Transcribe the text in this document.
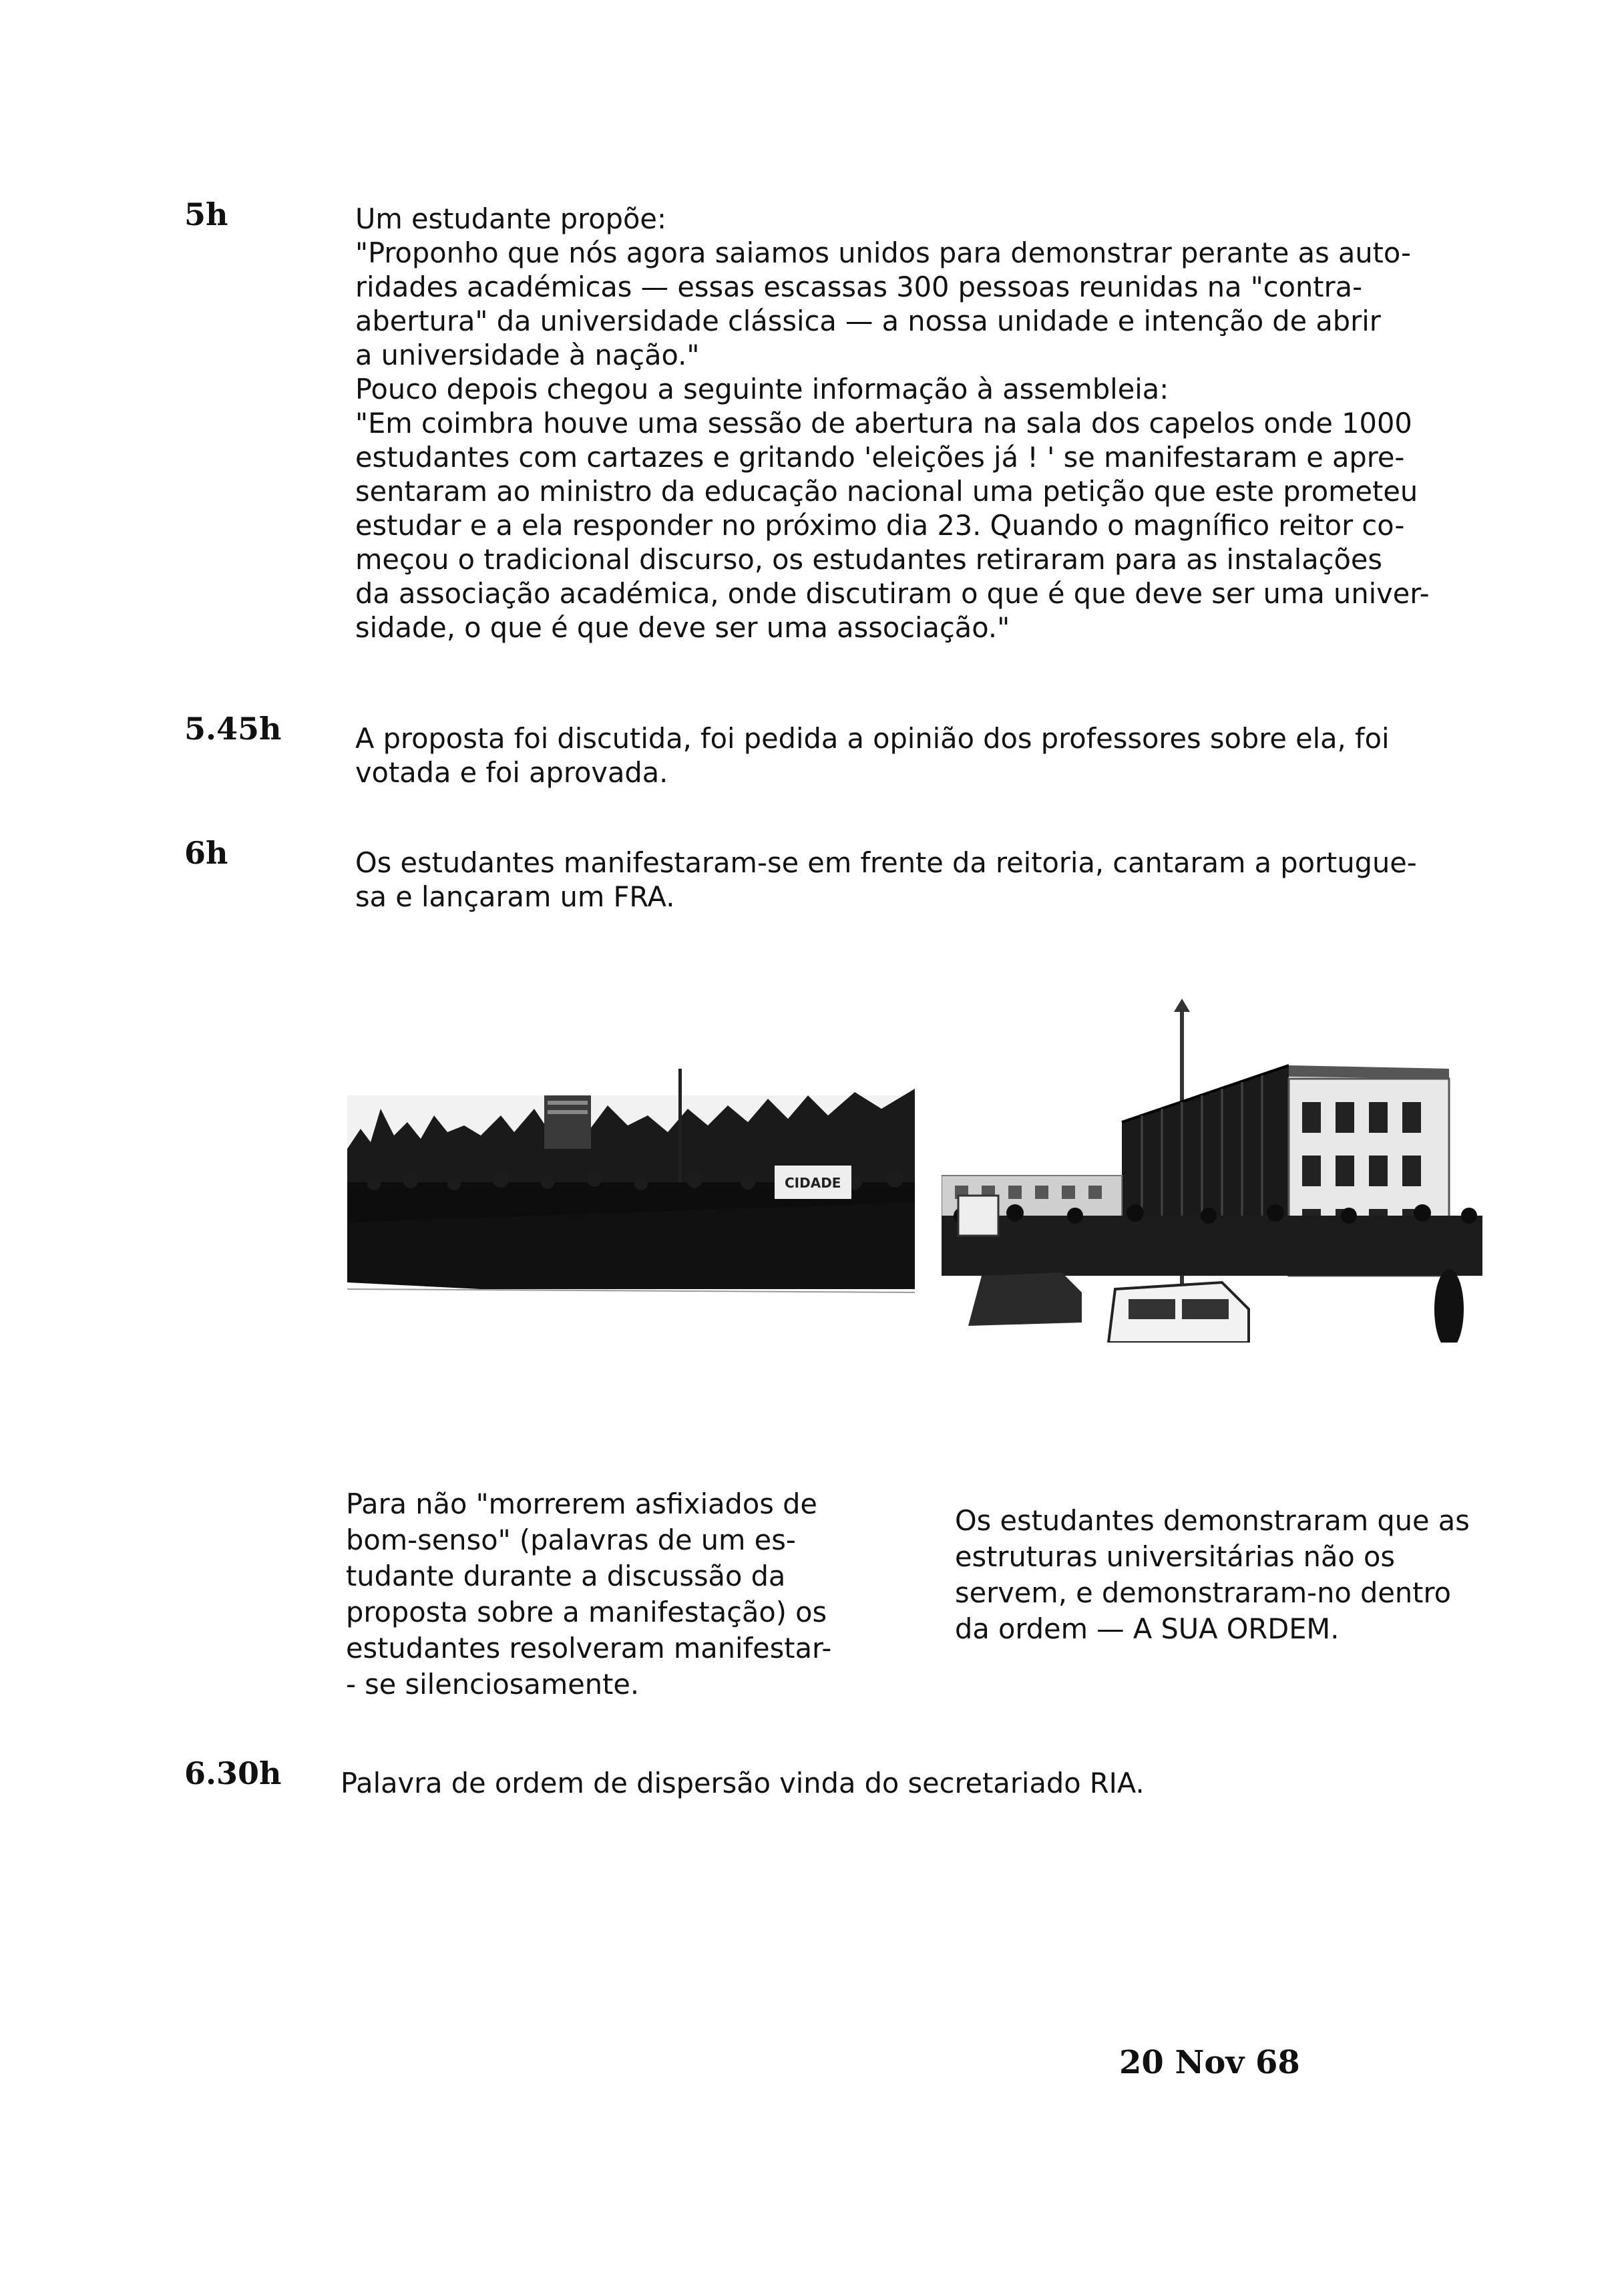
5h	Um estudante propõe:
"Proponho que nós agora saiamos unidos para demonstrar perante as auto-
ridades académicas — essas escassas 300 pessoas reunidas na "contra-
abertura" da universidade clássica — a nossa unidade e intenção de abrir
a universidade à nação."
Pouco depois chegou a seguinte informação à assembleia:
"Em coimbra houve uma sessão de abertura na sala dos capelos onde 1000
estudantes com cartazes e gritando 'eleições já ! ' se manifestaram e apre-
sentaram ao ministro da educação nacional uma petição que este prometeu
estudar e a ela responder no próximo dia 23. Quando o magnífico reitor co-
meçou o tradicional discurso, os estudantes retiraram para as instalações
da associação académica, onde discutiram o que é que deve ser uma univer-
sidade, o que é que deve ser uma associação."

5.45h	A proposta foi discutida, foi pedida a opinião dos professores sobre ela, foi
votada e foi aprovada.

6h	Os estudantes manifestaram-se em frente da reitoria, cantaram a portugue-
sa e lançaram um FRA.

CIDADE

Para não "morrerem asfixiados de
bom-senso" (palavras de um es-
tudante durante a discussão da
proposta sobre a manifestação) os
estudantes resolveram manifestar-
- se silenciosamente.

Os estudantes demonstraram que as
estruturas universitárias não os
servem, e demonstraram-no dentro
da ordem — A SUA ORDEM.

6.30h Palavra de ordem de dispersão vinda do secretariado RIA.

20 Nov 68
